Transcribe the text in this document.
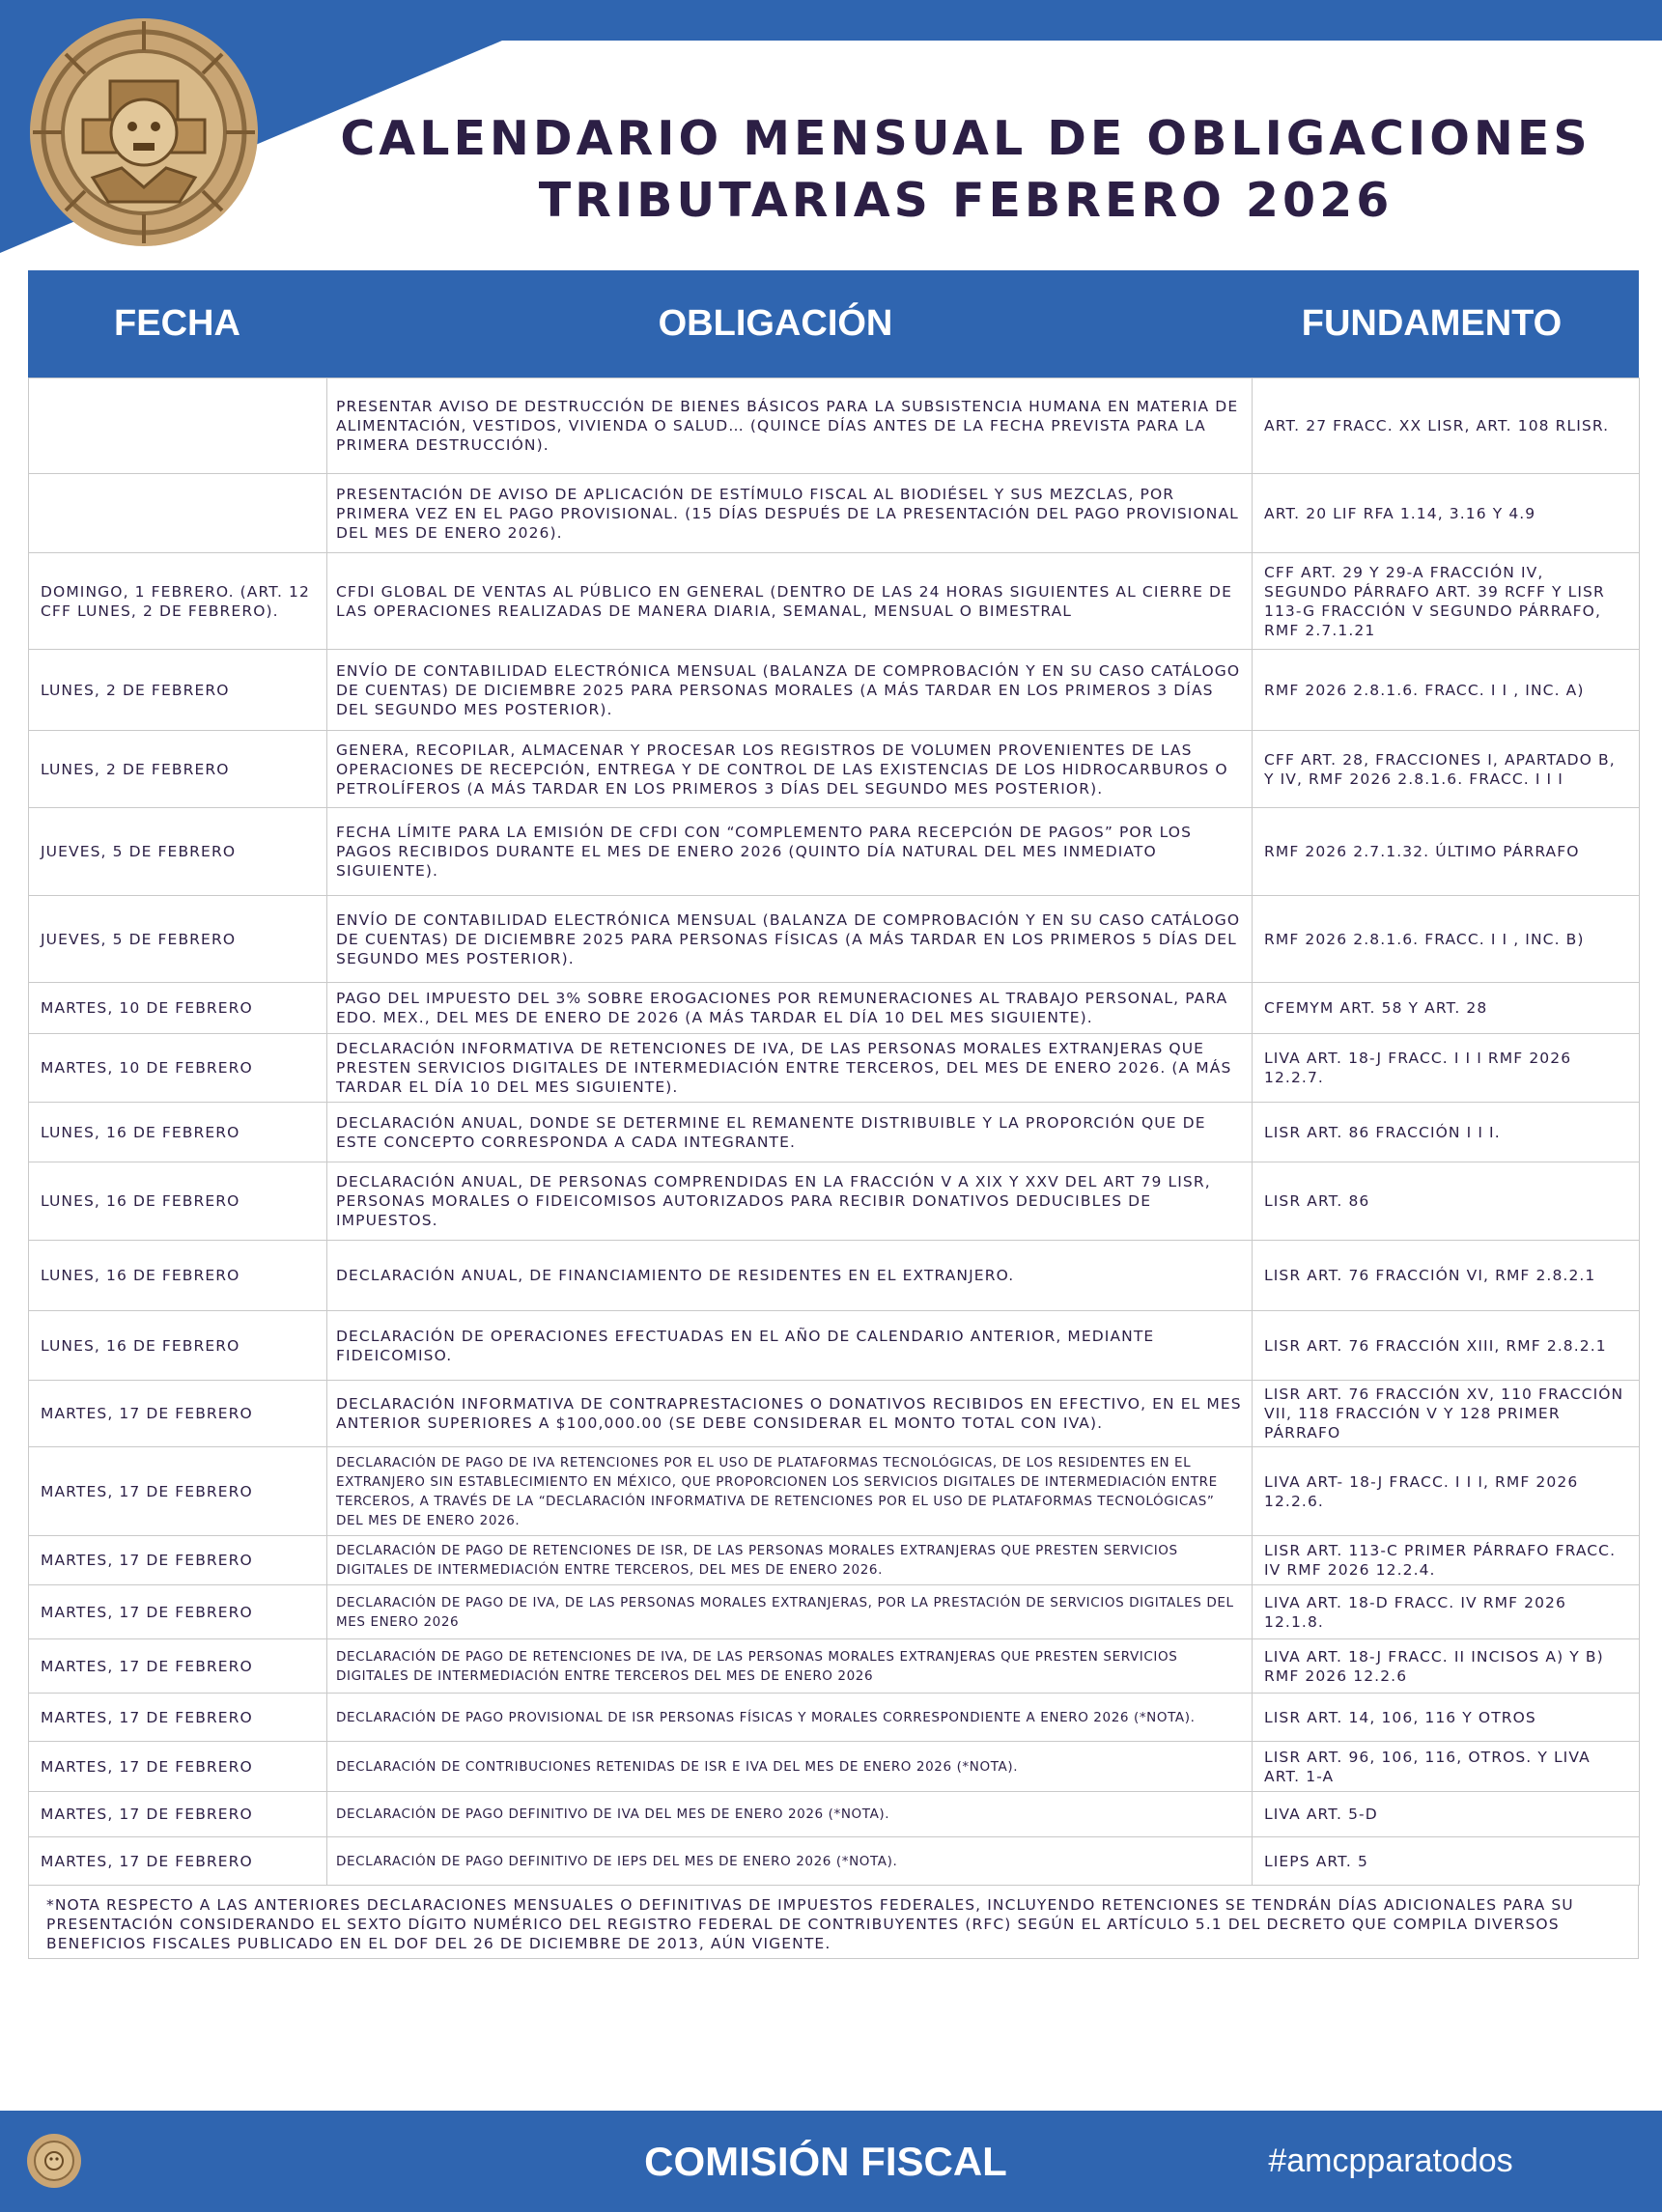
CALENDARIO MENSUAL DE OBLIGACIONES
TRIBUTARIAS FEBRERO 2026
FECHA	OBLIGACIÓN	FUNDAMENTO
	PRESENTAR AVISO DE DESTRUCCIÓN DE BIENES BÁSICOS PARA LA SUBSISTENCIA HUMANA EN MATERIA DE ALIMENTACIÓN, VESTIDOS, VIVIENDA O SALUD… (QUINCE DÍAS ANTES DE LA FECHA PREVISTA PARA LA PRIMERA DESTRUCCIÓN).	ART. 27 FRACC. XX LISR, ART. 108 RLISR.
	PRESENTACIÓN DE AVISO DE APLICACIÓN DE ESTÍMULO FISCAL AL BIODIÉSEL Y SUS MEZCLAS, POR PRIMERA VEZ EN EL PAGO PROVISIONAL. (15 DÍAS DESPUÉS DE LA PRESENTACIÓN DEL PAGO PROVISIONAL DEL MES DE ENERO 2026).	ART. 20 LIF RFA 1.14, 3.16 Y 4.9
DOMINGO, 1 FEBRERO. (ART. 12 CFF LUNES, 2 DE FEBRERO).	CFDI GLOBAL DE VENTAS AL PÚBLICO EN GENERAL (DENTRO DE LAS 24 HORAS SIGUIENTES AL CIERRE DE LAS OPERACIONES REALIZADAS DE MANERA DIARIA, SEMANAL, MENSUAL O BIMESTRAL	CFF ART. 29 Y 29-A FRACCIÓN IV, SEGUNDO PÁRRAFO ART. 39 RCFF Y LISR 113-G FRACCIÓN V SEGUNDO PÁRRAFO, RMF 2.7.1.21
LUNES, 2 DE FEBRERO	ENVÍO DE CONTABILIDAD ELECTRÓNICA MENSUAL (BALANZA DE COMPROBACIÓN Y EN SU CASO CATÁLOGO DE CUENTAS) DE DICIEMBRE 2025 PARA PERSONAS MORALES (A MÁS TARDAR EN LOS PRIMEROS 3 DÍAS DEL SEGUNDO MES POSTERIOR).	RMF 2026 2.8.1.6. FRACC. I I , INC. A)
LUNES, 2 DE FEBRERO	GENERA, RECOPILAR, ALMACENAR Y PROCESAR LOS REGISTROS DE VOLUMEN PROVENIENTES DE LAS OPERACIONES DE RECEPCIÓN, ENTREGA Y DE CONTROL DE LAS EXISTENCIAS DE LOS HIDROCARBUROS O PETROLÍFEROS (A MÁS TARDAR EN LOS PRIMEROS 3 DÍAS DEL SEGUNDO MES POSTERIOR).	CFF ART. 28, FRACCIONES I, APARTADO B, Y IV, RMF 2026 2.8.1.6. FRACC. I I I
JUEVES, 5 DE FEBRERO	FECHA LÍMITE PARA LA EMISIÓN DE CFDI CON “COMPLEMENTO PARA RECEPCIÓN DE PAGOS” POR LOS PAGOS RECIBIDOS DURANTE EL MES DE ENERO 2026 (QUINTO DÍA NATURAL DEL MES INMEDIATO SIGUIENTE).	RMF 2026 2.7.1.32. ÚLTIMO PÁRRAFO
JUEVES, 5 DE FEBRERO	ENVÍO DE CONTABILIDAD ELECTRÓNICA MENSUAL (BALANZA DE COMPROBACIÓN Y EN SU CASO CATÁLOGO DE CUENTAS) DE DICIEMBRE 2025 PARA PERSONAS FÍSICAS (A MÁS TARDAR EN LOS PRIMEROS 5 DÍAS DEL SEGUNDO MES POSTERIOR).	RMF 2026 2.8.1.6. FRACC. I I , INC. B)
MARTES, 10 DE FEBRERO	PAGO DEL IMPUESTO DEL 3% SOBRE EROGACIONES POR REMUNERACIONES AL TRABAJO PERSONAL, PARA EDO. MEX., DEL MES DE ENERO DE 2026 (A MÁS TARDAR EL DÍA 10 DEL MES SIGUIENTE).	CFEMYM ART. 58 Y ART. 28
MARTES, 10 DE FEBRERO	DECLARACIÓN INFORMATIVA DE RETENCIONES DE IVA, DE LAS PERSONAS MORALES EXTRANJERAS QUE PRESTEN SERVICIOS DIGITALES DE INTERMEDIACIÓN ENTRE TERCEROS, DEL MES DE ENERO 2026. (A MÁS TARDAR EL DÍA 10 DEL MES SIGUIENTE).	LIVA ART. 18-J FRACC. I I I RMF 2026 12.2.7.
LUNES, 16 DE FEBRERO	DECLARACIÓN ANUAL, DONDE SE DETERMINE EL REMANENTE DISTRIBUIBLE Y LA PROPORCIÓN QUE DE ESTE CONCEPTO CORRESPONDA A CADA INTEGRANTE.	LISR ART. 86 FRACCIÓN I I I.
LUNES, 16 DE FEBRERO	DECLARACIÓN ANUAL, DE PERSONAS COMPRENDIDAS EN LA FRACCIÓN V A XIX Y XXV DEL ART 79 LISR, PERSONAS MORALES O FIDEICOMISOS AUTORIZADOS PARA RECIBIR DONATIVOS DEDUCIBLES DE IMPUESTOS.	LISR ART. 86
LUNES, 16 DE FEBRERO	DECLARACIÓN ANUAL, DE FINANCIAMIENTO DE RESIDENTES EN EL EXTRANJERO.	LISR ART. 76 FRACCIÓN VI, RMF 2.8.2.1
LUNES, 16 DE FEBRERO	DECLARACIÓN DE OPERACIONES EFECTUADAS EN EL AÑO DE CALENDARIO ANTERIOR, MEDIANTE FIDEICOMISO.	LISR ART. 76 FRACCIÓN XIII, RMF 2.8.2.1
MARTES, 17 DE FEBRERO	DECLARACIÓN INFORMATIVA DE CONTRAPRESTACIONES O DONATIVOS RECIBIDOS EN EFECTIVO, EN EL MES ANTERIOR SUPERIORES A $100,000.00 (SE DEBE CONSIDERAR EL MONTO TOTAL CON IVA).	LISR ART. 76 FRACCIÓN XV, 110 FRACCIÓN VII, 118 FRACCIÓN V Y 128 PRIMER PÁRRAFO
MARTES, 17 DE FEBRERO	DECLARACIÓN DE PAGO DE IVA RETENCIONES POR EL USO DE PLATAFORMAS TECNOLÓGICAS, DE LOS RESIDENTES EN EL EXTRANJERO SIN ESTABLECIMIENTO EN MÉXICO, QUE PROPORCIONEN LOS SERVICIOS DIGITALES DE INTERMEDIACIÓN ENTRE TERCEROS, A TRAVÉS DE LA “DECLARACIÓN INFORMATIVA DE RETENCIONES POR EL USO DE PLATAFORMAS TECNOLÓGICAS” DEL MES DE ENERO 2026.	LIVA ART- 18-J FRACC. I I I, RMF 2026 12.2.6.
MARTES, 17 DE FEBRERO	DECLARACIÓN DE PAGO DE RETENCIONES DE ISR, DE LAS PERSONAS MORALES EXTRANJERAS QUE PRESTEN SERVICIOS DIGITALES DE INTERMEDIACIÓN ENTRE TERCEROS, DEL MES DE ENERO 2026.	LISR ART. 113-C PRIMER PÁRRAFO FRACC. IV RMF 2026 12.2.4.
MARTES, 17 DE FEBRERO	DECLARACIÓN DE PAGO DE IVA, DE LAS PERSONAS MORALES EXTRANJERAS, POR LA PRESTACIÓN DE SERVICIOS DIGITALES DEL MES ENERO 2026	LIVA ART. 18-D FRACC. IV RMF 2026 12.1.8.
MARTES, 17 DE FEBRERO	DECLARACIÓN DE PAGO DE RETENCIONES DE IVA, DE LAS PERSONAS MORALES EXTRANJERAS QUE PRESTEN SERVICIOS DIGITALES DE INTERMEDIACIÓN ENTRE TERCEROS DEL MES DE ENERO 2026	LIVA ART. 18-J FRACC. II INCISOS A) Y B) RMF 2026 12.2.6
MARTES, 17 DE FEBRERO	DECLARACIÓN DE PAGO PROVISIONAL DE ISR PERSONAS FÍSICAS Y MORALES CORRESPONDIENTE A ENERO 2026 (*NOTA).	LISR ART. 14, 106, 116 Y OTROS
MARTES, 17 DE FEBRERO	DECLARACIÓN DE CONTRIBUCIONES RETENIDAS DE ISR E IVA DEL MES DE ENERO 2026 (*NOTA).	LISR ART. 96, 106, 116, OTROS. Y LIVA ART. 1-A
MARTES, 17 DE FEBRERO	DECLARACIÓN DE PAGO DEFINITIVO DE IVA DEL MES DE ENERO 2026 (*NOTA).	LIVA ART. 5-D
MARTES, 17 DE FEBRERO	DECLARACIÓN DE PAGO DEFINITIVO DE IEPS DEL MES DE ENERO 2026 (*NOTA).	LIEPS ART. 5
*NOTA RESPECTO A LAS ANTERIORES DECLARACIONES MENSUALES O DEFINITIVAS DE IMPUESTOS FEDERALES, INCLUYENDO RETENCIONES SE TENDRÁN DÍAS ADICIONALES PARA SU PRESENTACIÓN CONSIDERANDO EL SEXTO DÍGITO NUMÉRICO DEL REGISTRO FEDERAL DE CONTRIBUYENTES (RFC) SEGÚN EL ARTÍCULO 5.1 DEL DECRETO QUE COMPILA DIVERSOS BENEFICIOS FISCALES PUBLICADO EN EL DOF DEL 26 DE DICIEMBRE DE 2013, AÚN VIGENTE.
COMISIÓN FISCAL	#amcpparatodos
